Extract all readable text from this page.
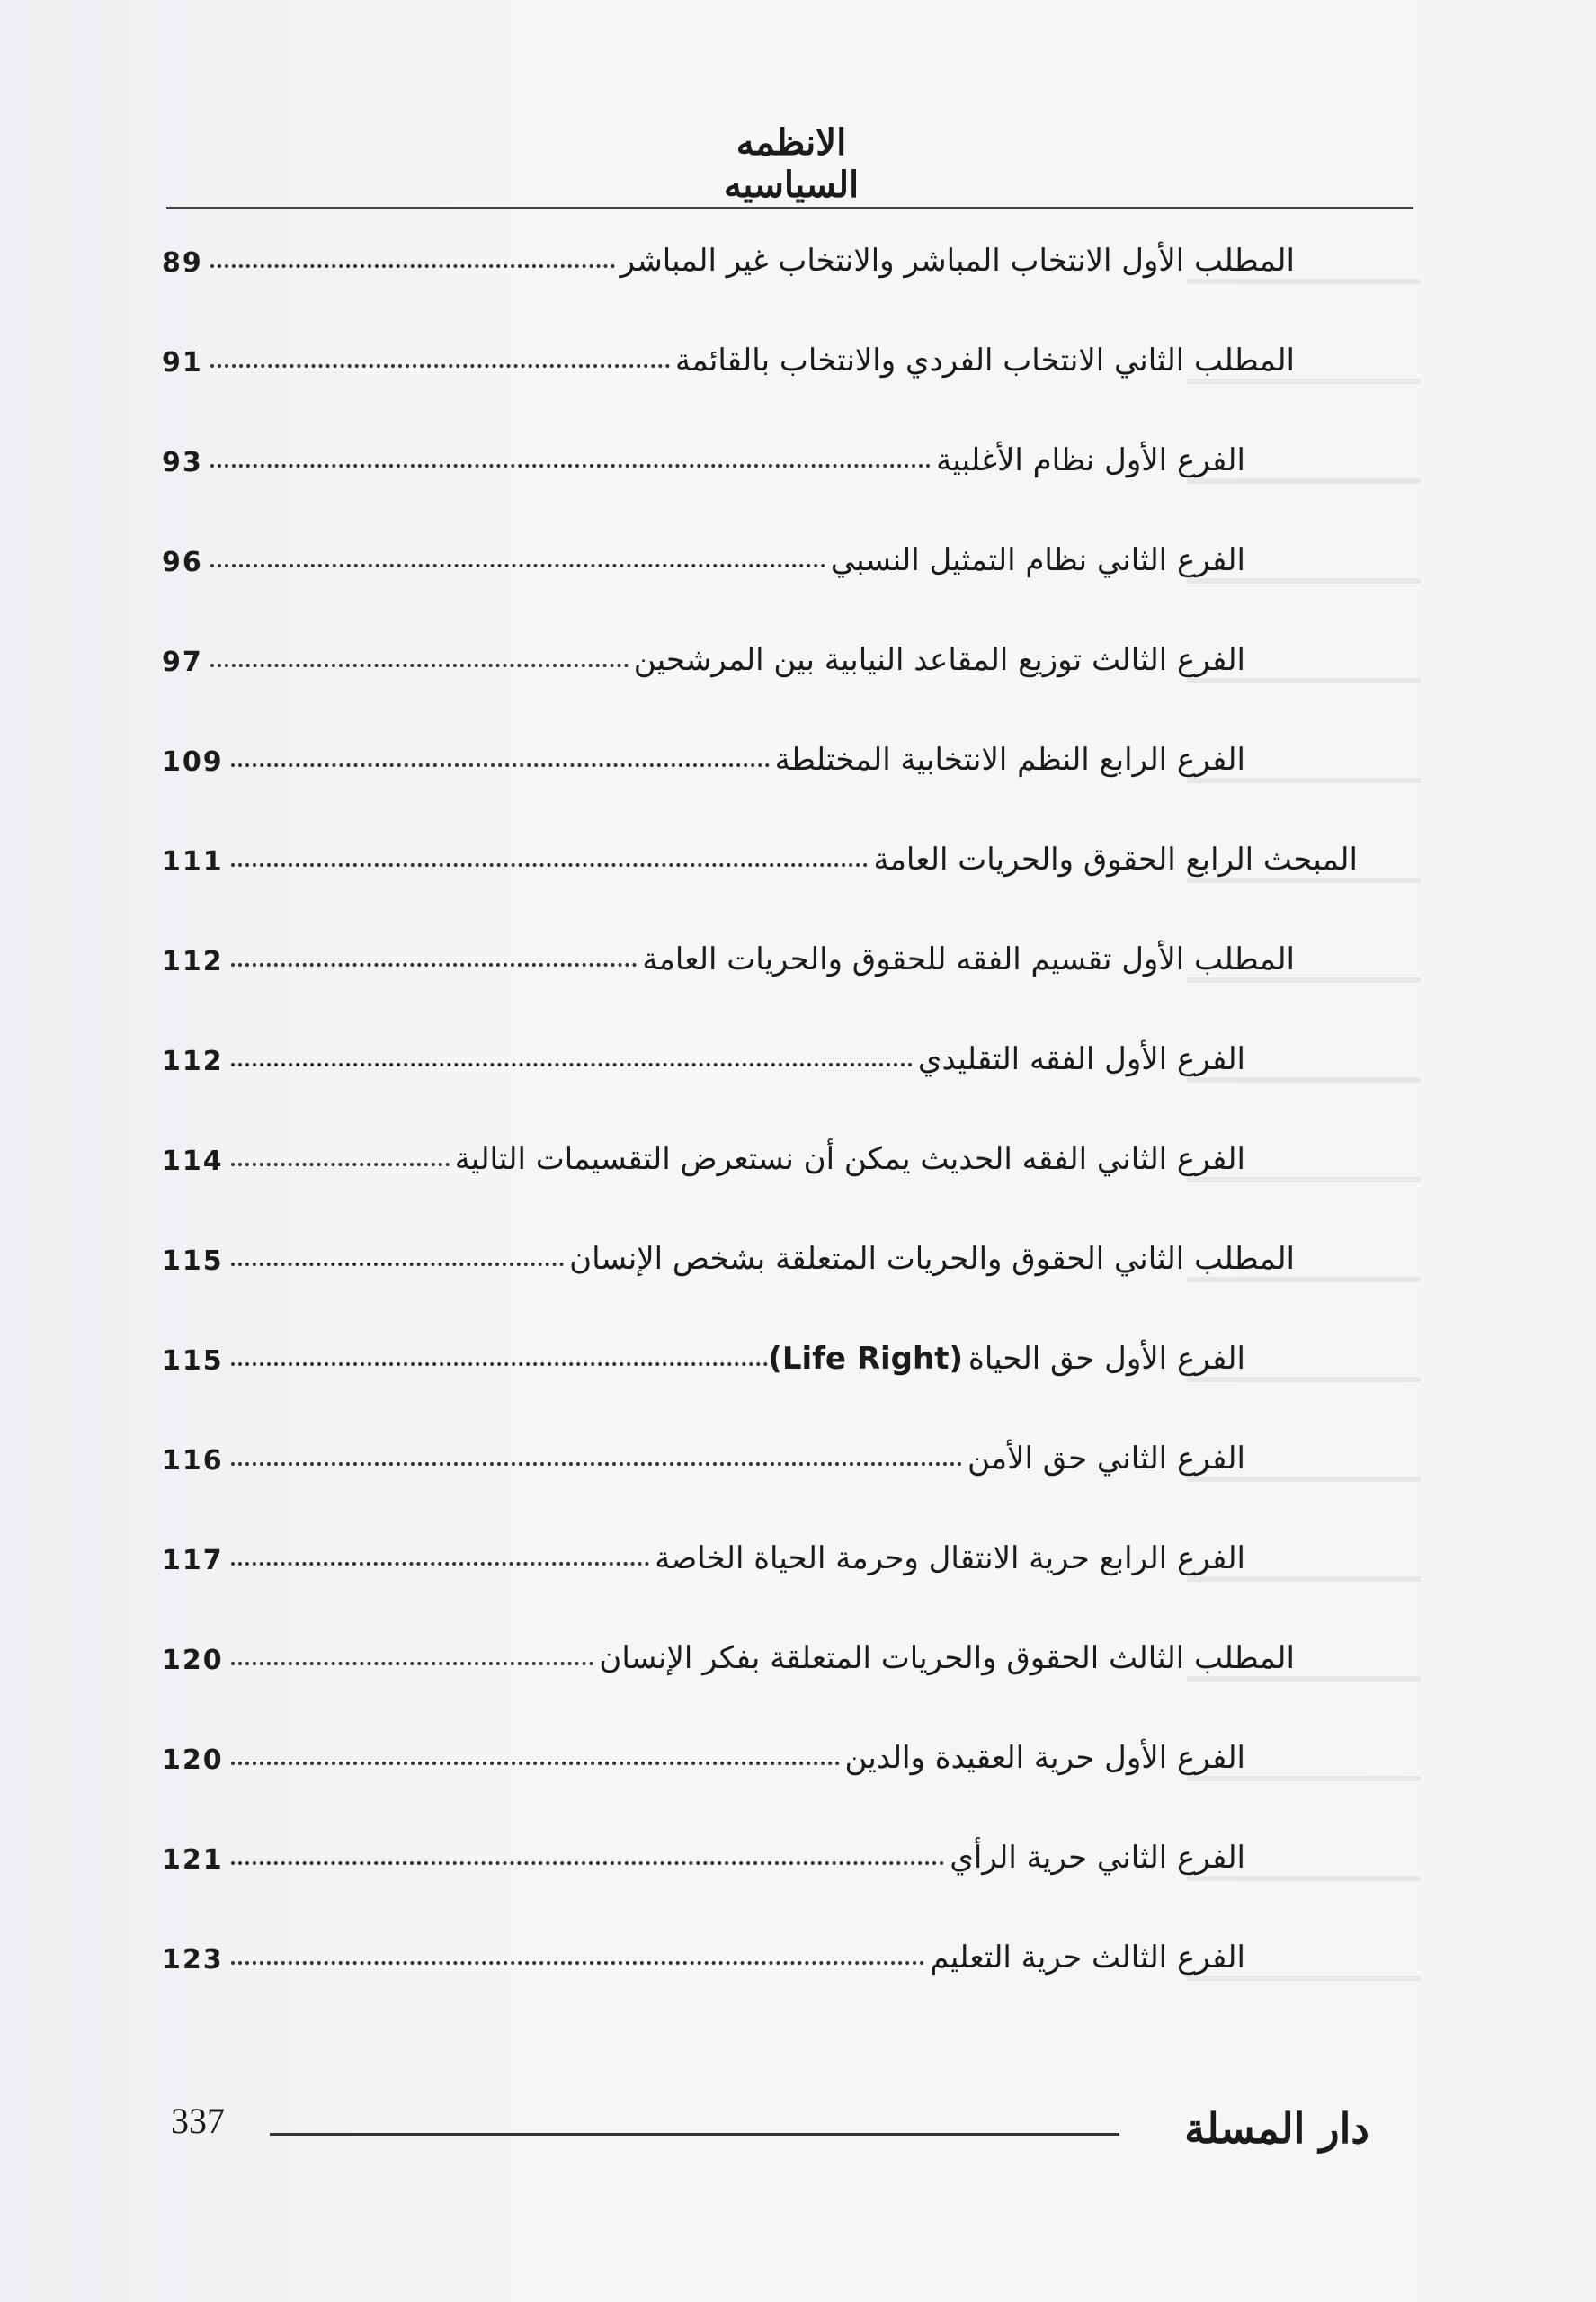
الانظمه السياسيه
المطلب الأول الانتخاب المباشر والانتخاب غير المباشر
89
المطلب الثاني الانتخاب الفردي والانتخاب بالقائمة
91
الفرع الأول نظام الأغلبية
93
الفرع الثاني نظام التمثيل النسبي
96
الفرع الثالث توزيع المقاعد النيابية بين المرشحين
97
الفرع الرابع النظم الانتخابية المختلطة
109
المبحث الرابع الحقوق والحريات العامة
111
المطلب الأول تقسيم الفقه للحقوق والحريات العامة
112
الفرع الأول الفقه التقليدي
112
الفرع الثاني الفقه الحديث يمكن أن نستعرض التقسيمات التالية
114
المطلب الثاني الحقوق والحريات المتعلقة بشخص الإنسان
115
الفرع الأول حق الحياة
(Life Right)
115
الفرع الثاني حق الأمن
116
الفرع الرابع حرية الانتقال وحرمة الحياة الخاصة
117
المطلب الثالث الحقوق والحريات المتعلقة بفكر الإنسان
120
الفرع الأول حرية العقيدة والدين
120
الفرع الثاني حرية الرأي
121
الفرع الثالث حرية التعليم
123
دار المسلة
337
